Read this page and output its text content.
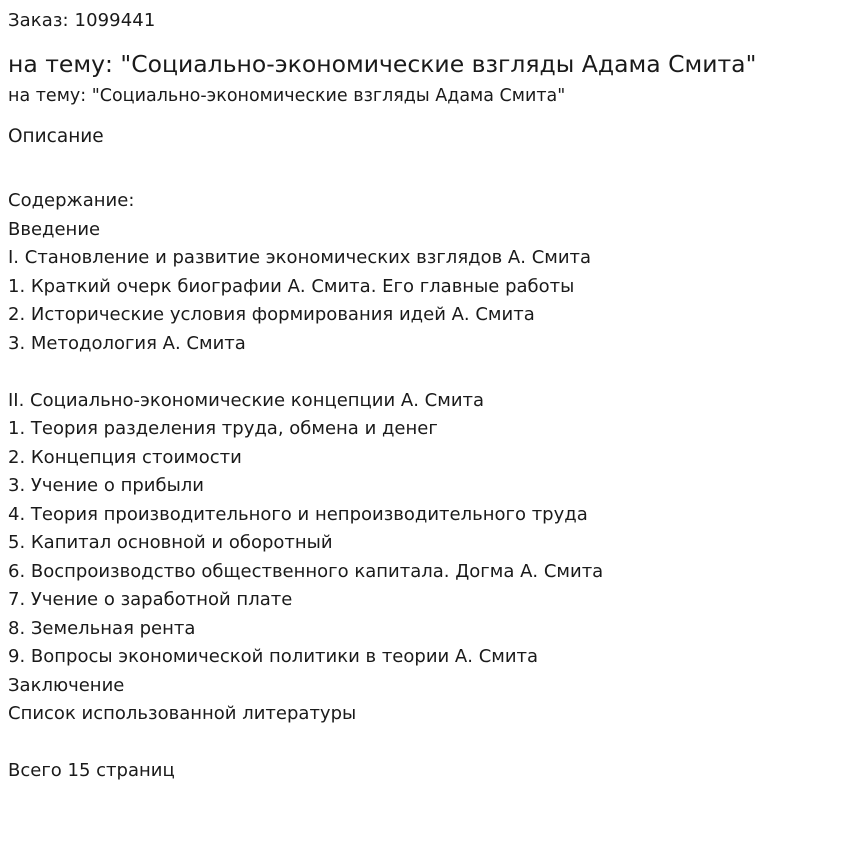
Заказ: 1099441
на тему: "Социально-экономические взгляды Адама Смита"
на тему: "Социально-экономические взгляды Адама Смита"
Описание
Содержание:
Введение
I. Становление и развитие экономических взглядов А. Смита
1. Краткий очерк биографии А. Смита. Его главные работы
2. Исторические условия формирования идей А. Смита
3. Методология А. Смита
II. Социально-экономические концепции А. Смита
1. Теория разделения труда, обмена и денег
2. Концепция стоимости
3. Учение о прибыли
4. Теория производительного и непроизводительного труда
5. Капитал основной и оборотный
6. Воспроизводство общественного капитала. Догма А. Смита
7. Учение о заработной плате
8. Земельная рента
9. Вопросы экономической политики в теории А. Смита
Заключение
Список использованной литературы
Всего 15 страниц
